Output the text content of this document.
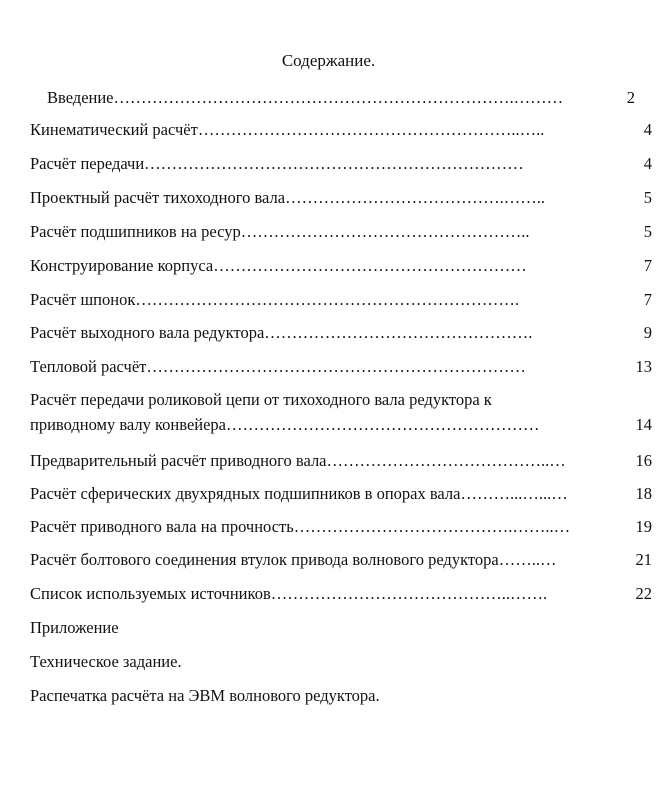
Содержание.
Введение……………………………………………………………….………	2
Кинематический расчёт…………………………………………………..…..	4
Расчёт передачи……………………………………………………………	4
Проектный расчёт тихоходного вала………………………………….……..	5
Расчёт подшипников на ресур……………………………………………..	5
Конструирование корпуса…………………………………………………	7
Расчёт шпонок…………………………………………………………….	7
Расчёт выходного вала редуктора………………………………………….	9
Тепловой расчёт……………………………………………………………	13
Расчёт передачи роликовой цепи от тихоходного вала редуктора к
приводному валу конвейера…………………………………………………	14
Предварительный расчёт приводного вала…………………………………..…	16
Расчёт сферических двухрядных подшипников в опорах вала………...…...…	18
Расчёт приводного вала на прочность………………………………….……..…	19
Расчёт болтового соединения втулок привода волнового редуктора……..…	21
Список используемых источников……………………………………..…….	22
Приложение
Техническое задание.
Распечатка расчёта на ЭВМ волнового редуктора.
